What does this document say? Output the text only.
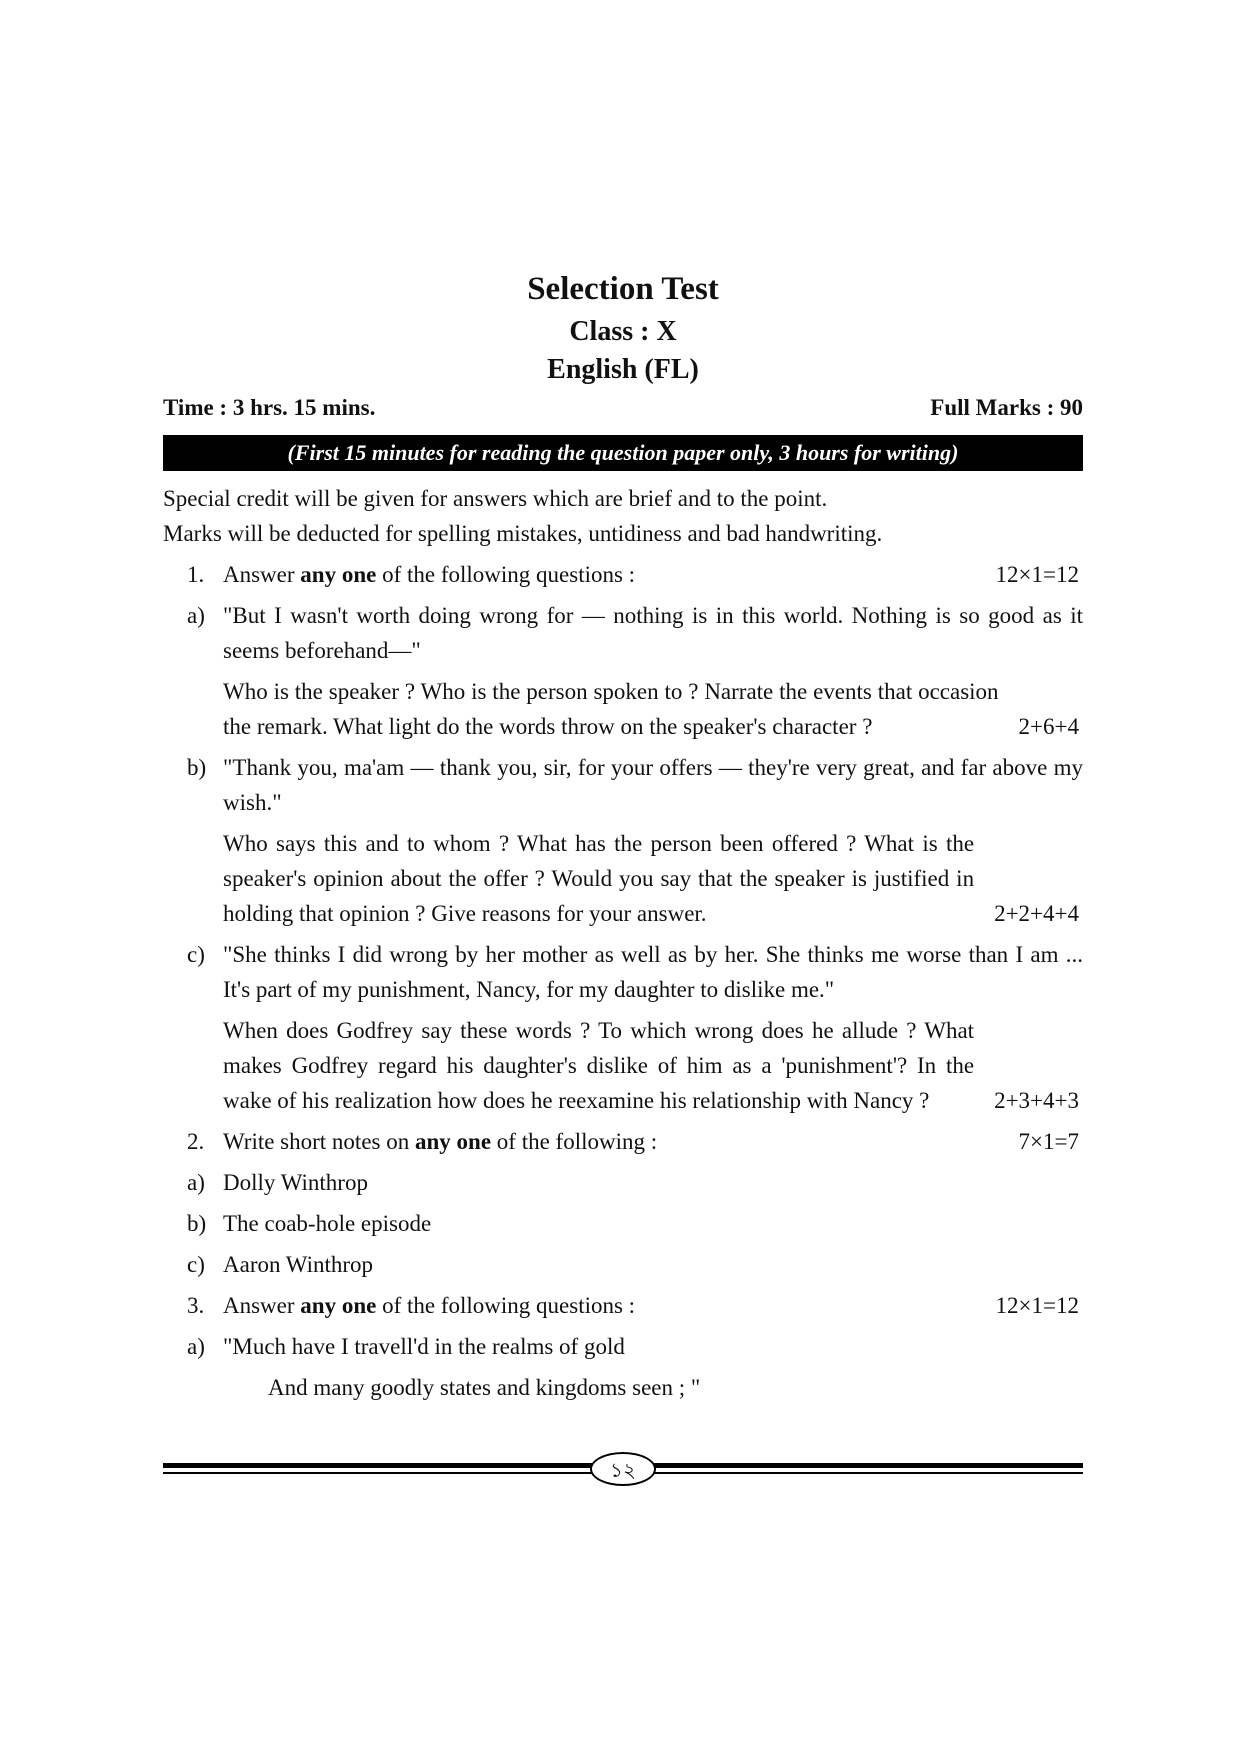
Selection Test
Class : X
English (FL)
Time : 3 hrs. 15 mins.	Full Marks : 90
(First 15 minutes for reading the question paper only, 3 hours for writing)
Special credit will be given for answers which are brief and to the point.
Marks will be deducted for spelling mistakes, untidiness and bad handwriting.
1. Answer any one of the following questions :	12×1=12
a) "But I wasn't worth doing wrong for — nothing is in this world. Nothing is so good as it seems beforehand—"
Who is the speaker ? Who is the person spoken to ? Narrate the events that occasion the remark. What light do the words throw on the speaker's character ?	2+6+4
b) "Thank you, ma'am — thank you, sir, for your offers — they're very great, and far above my wish."
Who says this and to whom ? What has the person been offered ? What is the speaker's opinion about the offer ? Would you say that the speaker is justified in holding that opinion ? Give reasons for your answer.	2+2+4+4
c) "She thinks I did wrong by her mother as well as by her. She thinks me worse than I am ... It's part of my punishment, Nancy, for my daughter to dislike me."
When does Godfrey say these words ? To which wrong does he allude ? What makes Godfrey regard his daughter's dislike of him as a 'punishment'? In the wake of his realization how does he reexamine his relationship with Nancy ?	2+3+4+3
2. Write short notes on any one of the following :	7×1=7
a) Dolly Winthrop
b) The coab-hole episode
c) Aaron Winthrop
3. Answer any one of the following questions :	12×1=12
a) "Much have I travell'd in the realms of gold
And many goodly states and kingdoms seen ; "
১২
